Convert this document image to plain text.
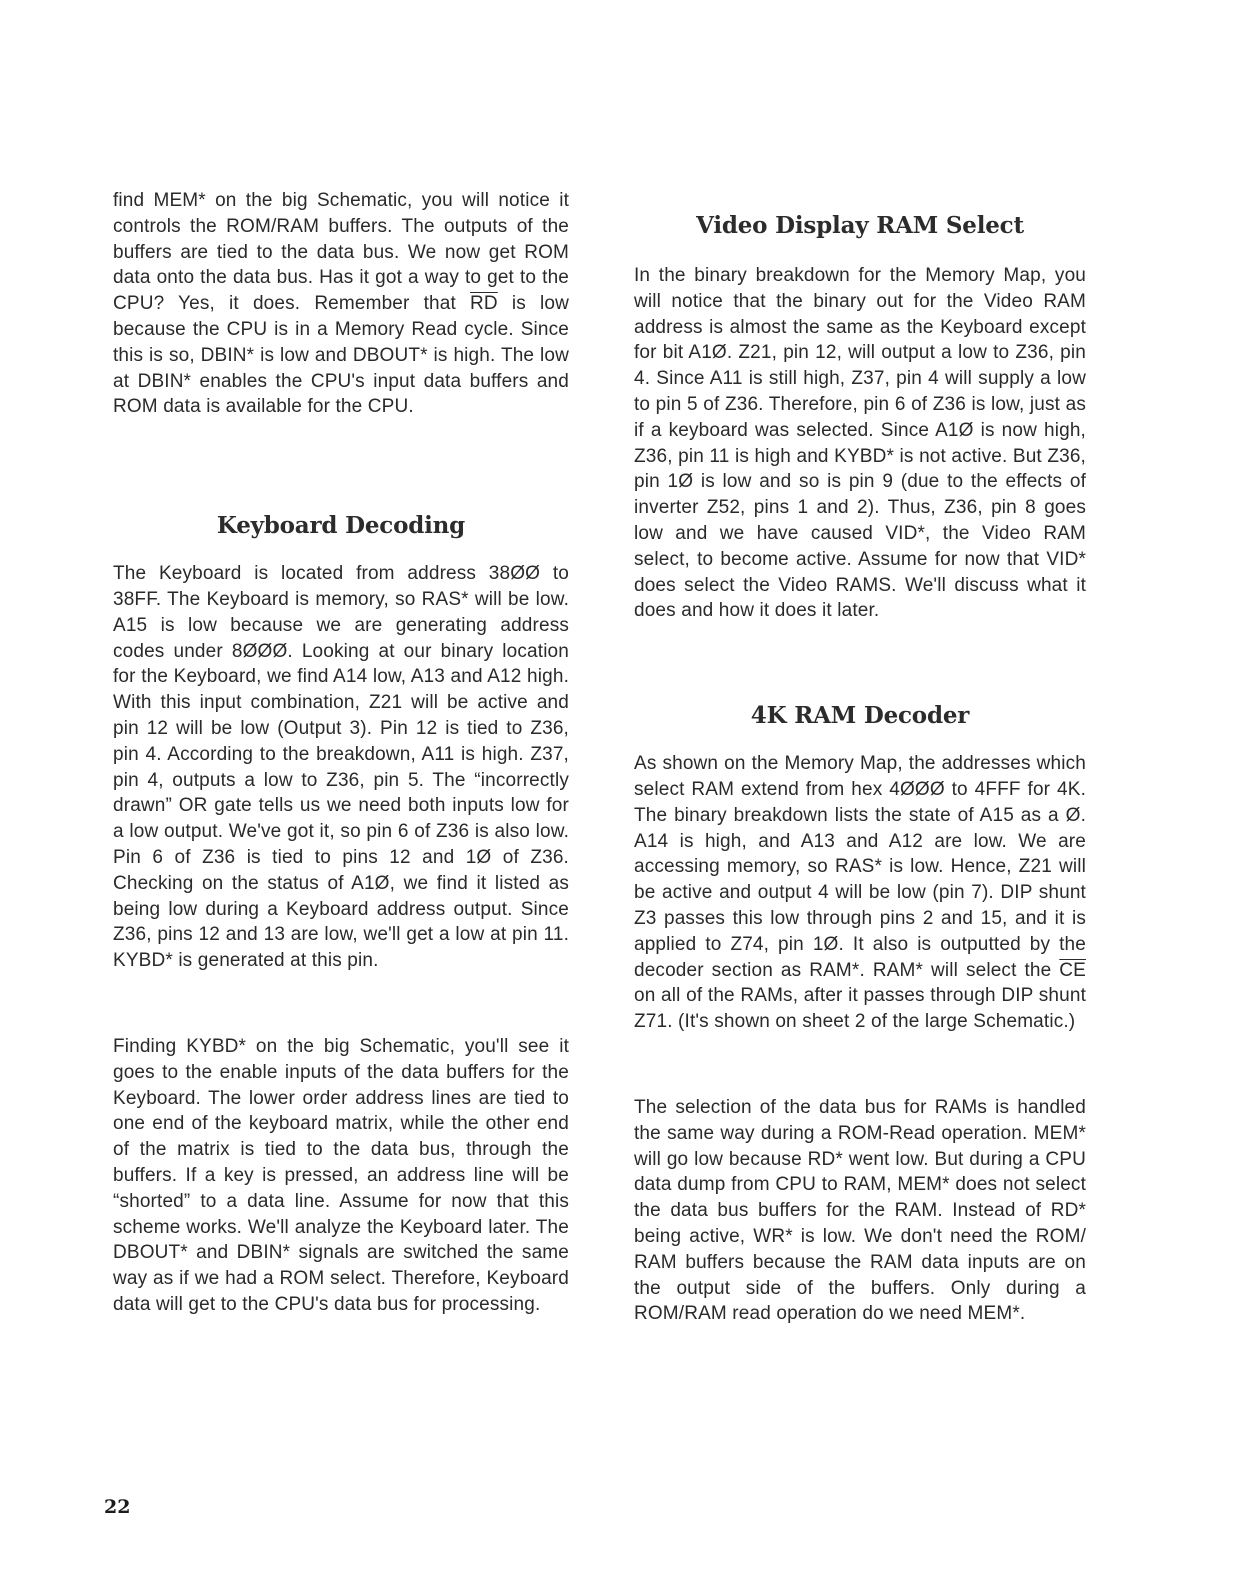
find MEM* on the big Schematic, you will notice it controls the ROM/RAM buffers. The outputs of the buffers are tied to the data bus. We now get ROM data onto the data bus. Has it got a way to get to the CPU? Yes, it does. Remember that $\overline{RD}$ is low because the CPU is in a Memory Read cycle. Since this is so, DBIN* is low and DBOUT* is high. The low at DBIN* enables the CPU's input data buffers and ROM data is available for the CPU.

Keyboard Decoding

The Keyboard is located from address 38ØØ to 38FF. The Keyboard is memory, so RAS* will be low. A15 is low because we are generating address codes under 8ØØØ. Looking at our binary location for the Keyboard, we find A14 low, A13 and A12 high. With this input combination, Z21 will be active and pin 12 will be low (Output 3). Pin 12 is tied to Z36, pin 4. According to the breakdown, A11 is high. Z37, pin 4, outputs a low to Z36, pin 5. The “incorrectly drawn” OR gate tells us we need both inputs low for a low output. We've got it, so pin 6 of Z36 is also low. Pin 6 of Z36 is tied to pins 12 and 1Ø of Z36. Checking on the status of A1Ø, we find it listed as being low during a Keyboard address output. Since Z36, pins 12 and 13 are low, we'll get a low at pin 11. KYBD* is generated at this pin.

Finding KYBD* on the big Schematic, you'll see it goes to the enable inputs of the data buffers for the Keyboard. The lower order address lines are tied to one end of the keyboard matrix, while the other end of the matrix is tied to the data bus, through the buffers. If a key is pressed, an address line will be “shorted” to a data line. Assume for now that this scheme works. We'll analyze the Keyboard later. The DBOUT* and DBIN* signals are switched the same way as if we had a ROM select. Therefore, Keyboard data will get to the CPU's data bus for processing.

Video Display RAM Select

In the binary breakdown for the Memory Map, you will notice that the binary out for the Video RAM address is almost the same as the Keyboard except for bit A1Ø. Z21, pin 12, will output a low to Z36, pin 4. Since A11 is still high, Z37, pin 4 will supply a low to pin 5 of Z36. Therefore, pin 6 of Z36 is low, just as if a keyboard was selected. Since A1Ø is now high, Z36, pin 11 is high and KYBD* is not active. But Z36, pin 1Ø is low and so is pin 9 (due to the effects of inverter Z52, pins 1 and 2). Thus, Z36, pin 8 goes low and we have caused VID*, the Video RAM select, to become active. Assume for now that VID* does select the Video RAMS. We'll discuss what it does and how it does it later.

4K RAM Decoder

As shown on the Memory Map, the addresses which select RAM extend from hex 4ØØØ to 4FFF for 4K. The binary breakdown lists the state of A15 as a Ø. A14 is high, and A13 and A12 are low. We are accessing memory, so RAS* is low. Hence, Z21 will be active and output 4 will be low (pin 7). DIP shunt Z3 passes this low through pins 2 and 15, and it is applied to Z74, pin 1Ø. It also is outputted by the decoder section as RAM*. RAM* will select the $\overline{CE}$ on all of the RAMs, after it passes through DIP shunt Z71. (It's shown on sheet 2 of the large Schematic.)

The selection of the data bus for RAMs is handled the same way during a ROM-Read operation. MEM* will go low because RD* went low. But during a CPU data dump from CPU to RAM, MEM* does not select the data bus buffers for the RAM. Instead of RD* being active, WR* is low. We don't need the ROM/ RAM buffers because the RAM data inputs are on the output side of the buffers. Only during a ROM/RAM read operation do we need MEM*.

22
